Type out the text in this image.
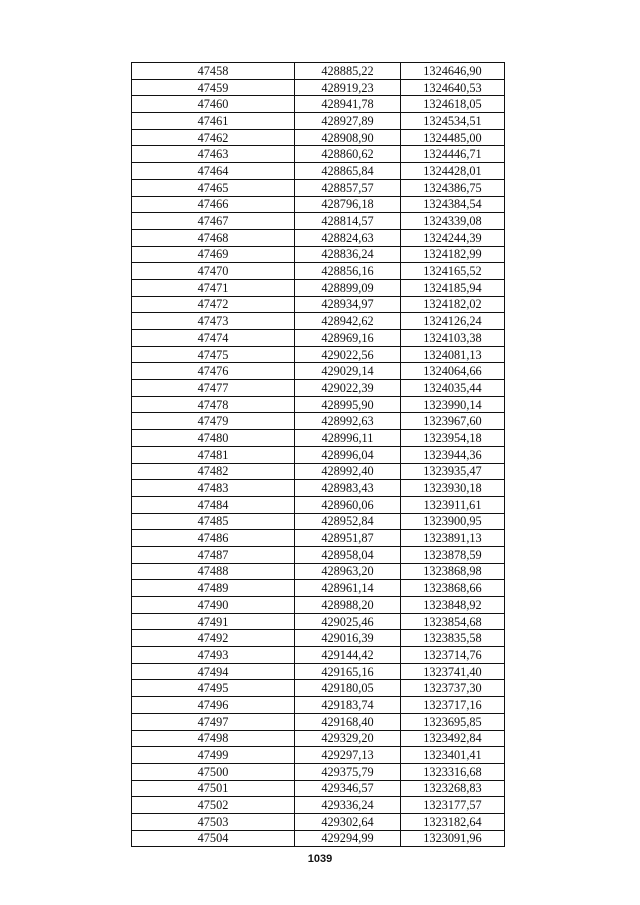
47458	428885,22	1324646,90
47459	428919,23	1324640,53
47460	428941,78	1324618,05
47461	428927,89	1324534,51
47462	428908,90	1324485,00
47463	428860,62	1324446,71
47464	428865,84	1324428,01
47465	428857,57	1324386,75
47466	428796,18	1324384,54
47467	428814,57	1324339,08
47468	428824,63	1324244,39
47469	428836,24	1324182,99
47470	428856,16	1324165,52
47471	428899,09	1324185,94
47472	428934,97	1324182,02
47473	428942,62	1324126,24
47474	428969,16	1324103,38
47475	429022,56	1324081,13
47476	429029,14	1324064,66
47477	429022,39	1324035,44
47478	428995,90	1323990,14
47479	428992,63	1323967,60
47480	428996,11	1323954,18
47481	428996,04	1323944,36
47482	428992,40	1323935,47
47483	428983,43	1323930,18
47484	428960,06	1323911,61
47485	428952,84	1323900,95
47486	428951,87	1323891,13
47487	428958,04	1323878,59
47488	428963,20	1323868,98
47489	428961,14	1323868,66
47490	428988,20	1323848,92
47491	429025,46	1323854,68
47492	429016,39	1323835,58
47493	429144,42	1323714,76
47494	429165,16	1323741,40
47495	429180,05	1323737,30
47496	429183,74	1323717,16
47497	429168,40	1323695,85
47498	429329,20	1323492,84
47499	429297,13	1323401,41
47500	429375,79	1323316,68
47501	429346,57	1323268,83
47502	429336,24	1323177,57
47503	429302,64	1323182,64
47504	429294,99	1323091,96
1039
